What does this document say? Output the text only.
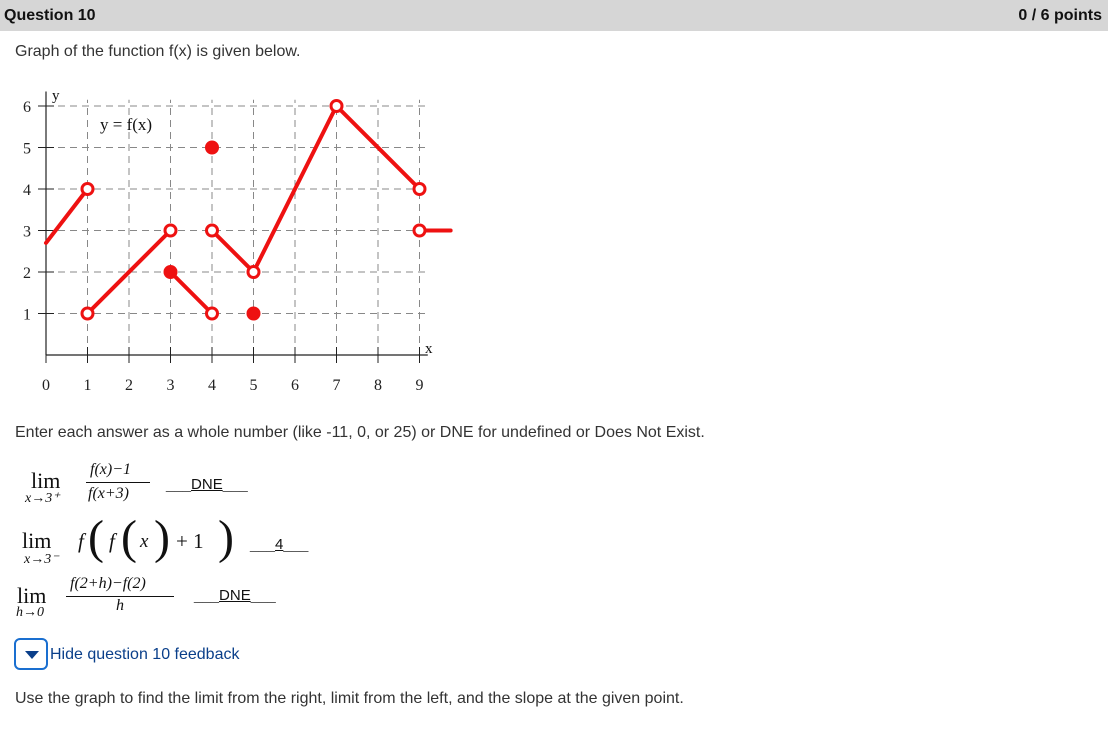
Question 10	0 / 6 points
Graph of the function f(x) is given below.
0 1 2 3 4 5 6 7 8 9
1
2
3
4
5
6
y = f(x)
x
y
Enter each answer as a whole number (like -11, 0, or 25) or DNE for undefined or Does Not Exist.
lim
x→3⁺
f(x)−1
f(x+3)
___DNE___
lim
x→3⁻
f ( f ( x ) + 1 ) ___4___
lim
h→0
f(2+h)−f(2)
h
___DNE___
Hide question 10 feedback
Use the graph to find the limit from the right, limit from the left, and the slope at the given point.
